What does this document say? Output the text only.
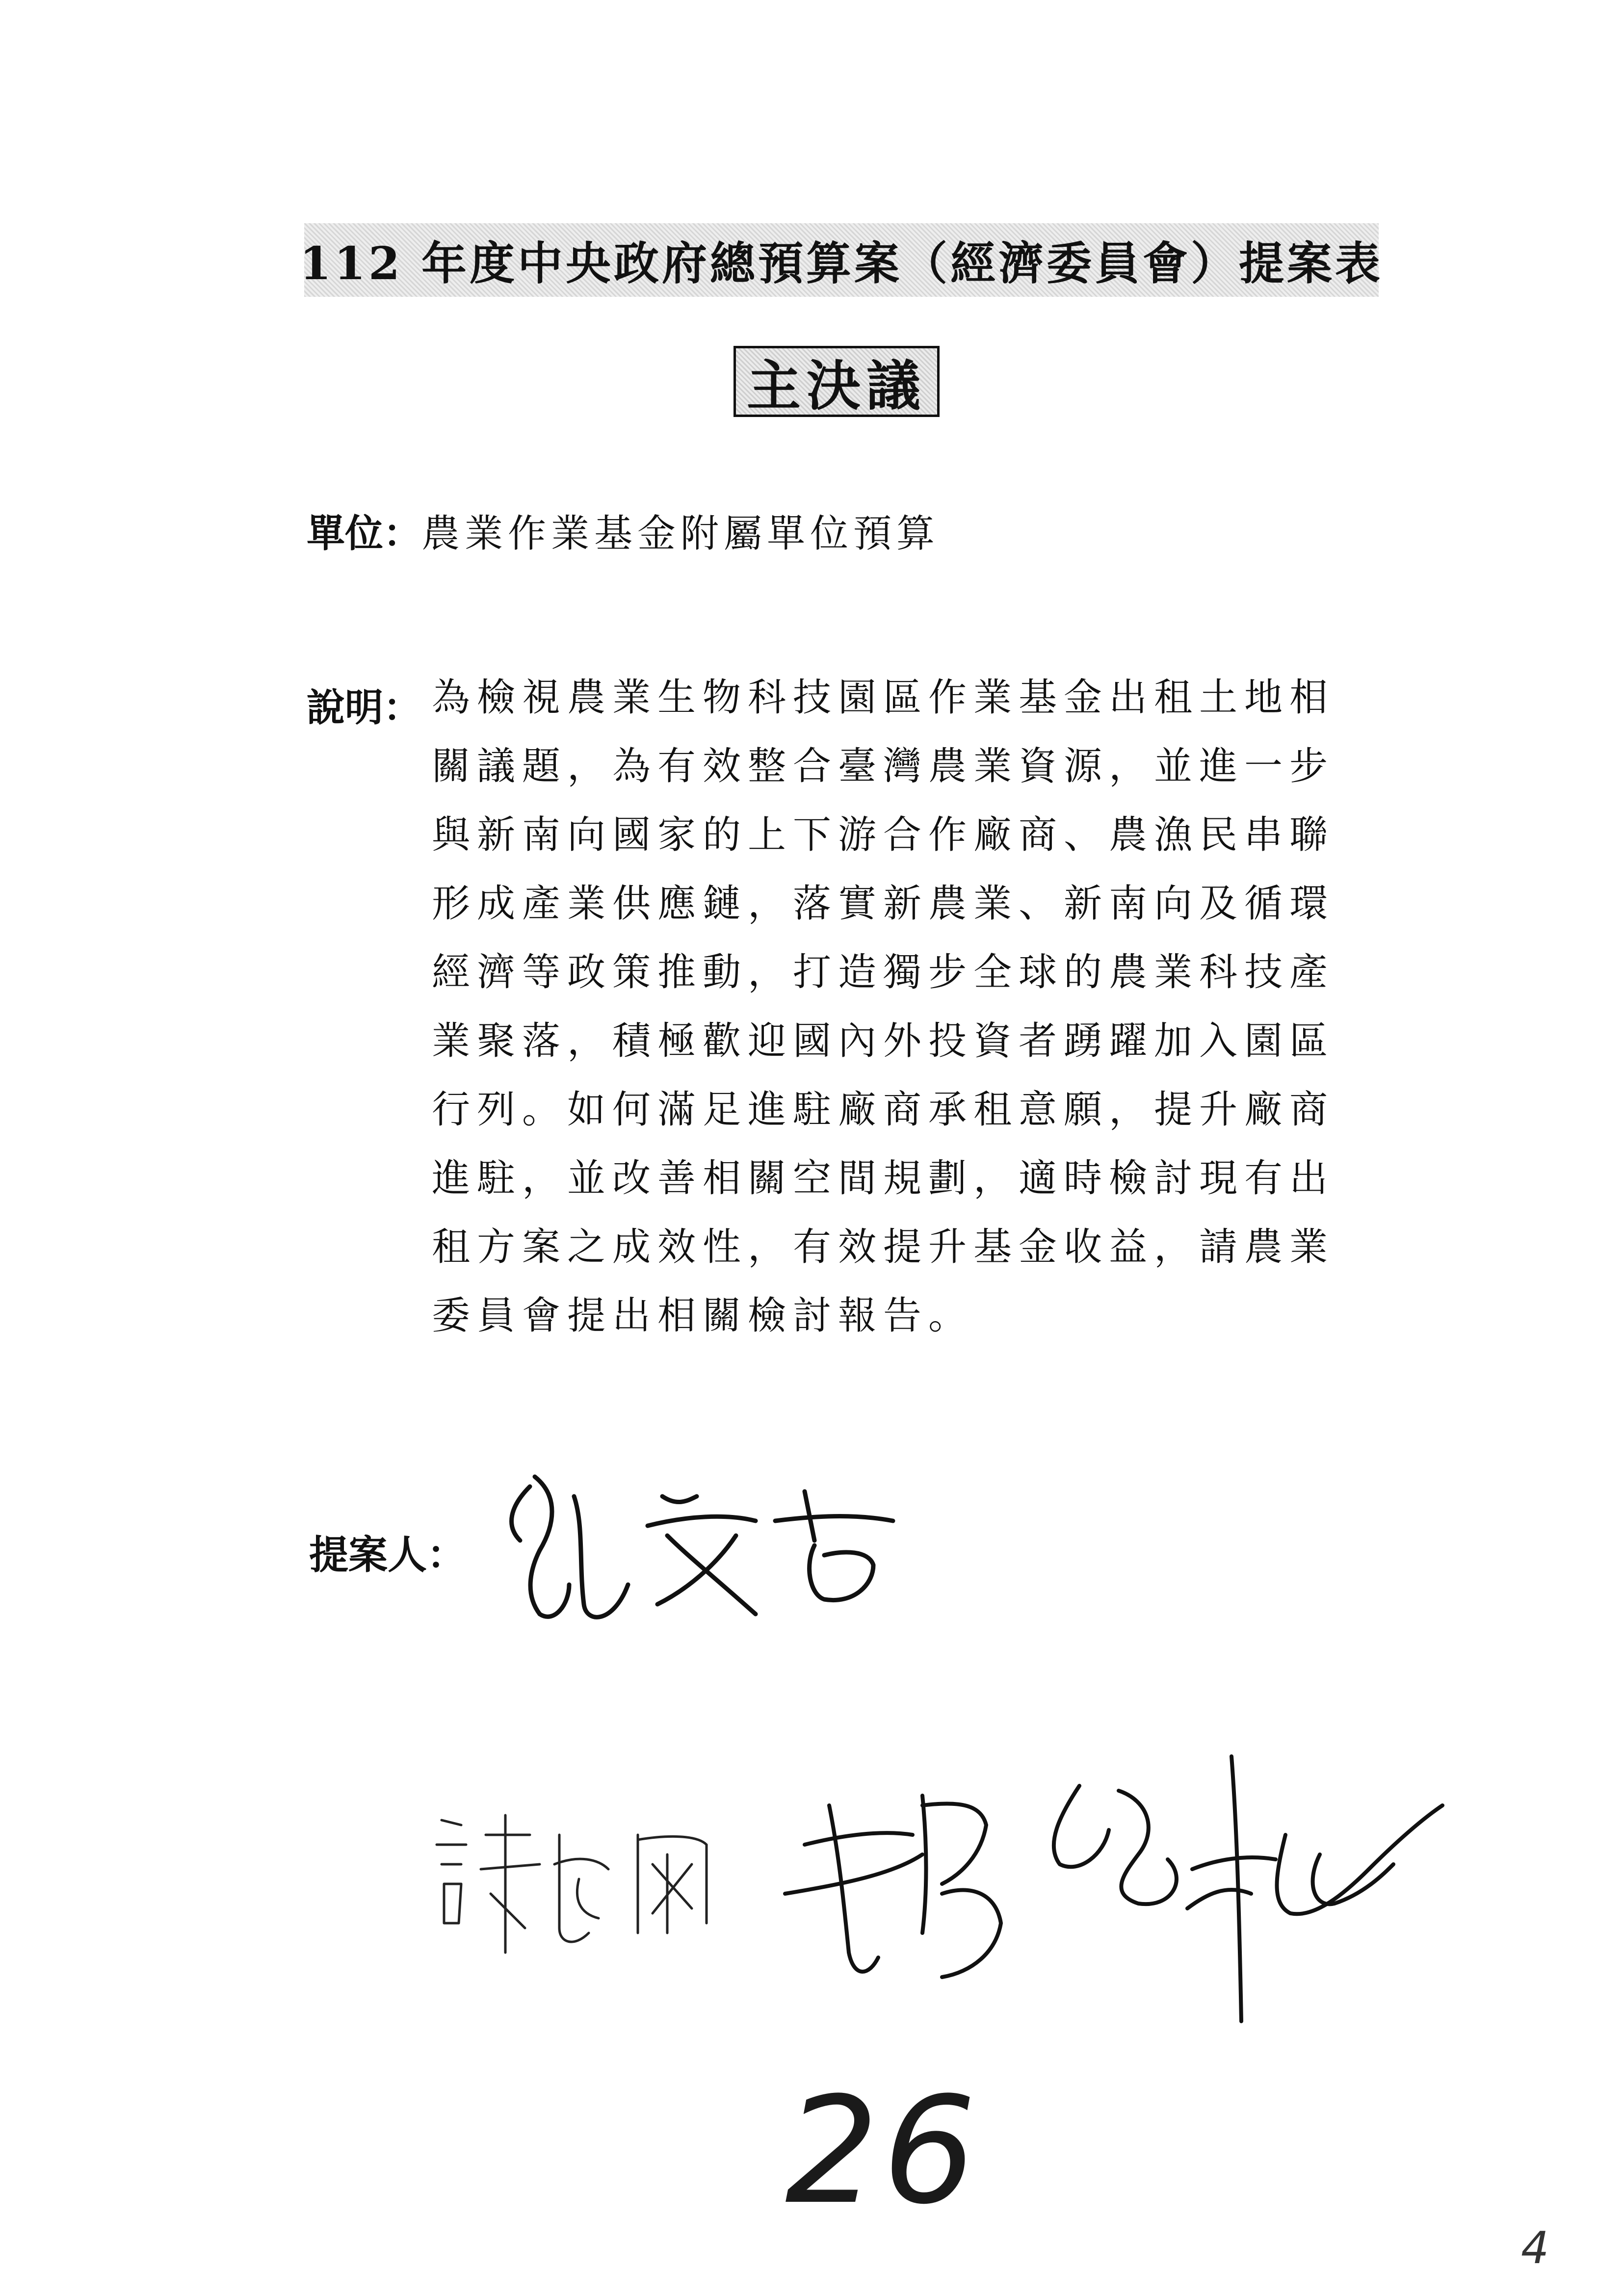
112 年度中央政府總預算案（經濟委員會）提案表
主決議
單位：農業作業基金附屬單位預算
說明： 為檢視農業生物科技園區作業基金出租土地相
關議題，為有效整合臺灣農業資源，並進一步
與新南向國家的上下游合作廠商、農漁民串聯
形成產業供應鏈，落實新農業、新南向及循環
經濟等政策推動，打造獨步全球的農業科技產
業聚落，積極歡迎國內外投資者踴躍加入園區
行列。如何滿足進駐廠商承租意願，提升廠商
進駐，並改善相關空間規劃，適時檢討現有出
租方案之成效性，有效提升基金收益，請農業
委員會提出相關檢討報告。
提案人：
26
4
